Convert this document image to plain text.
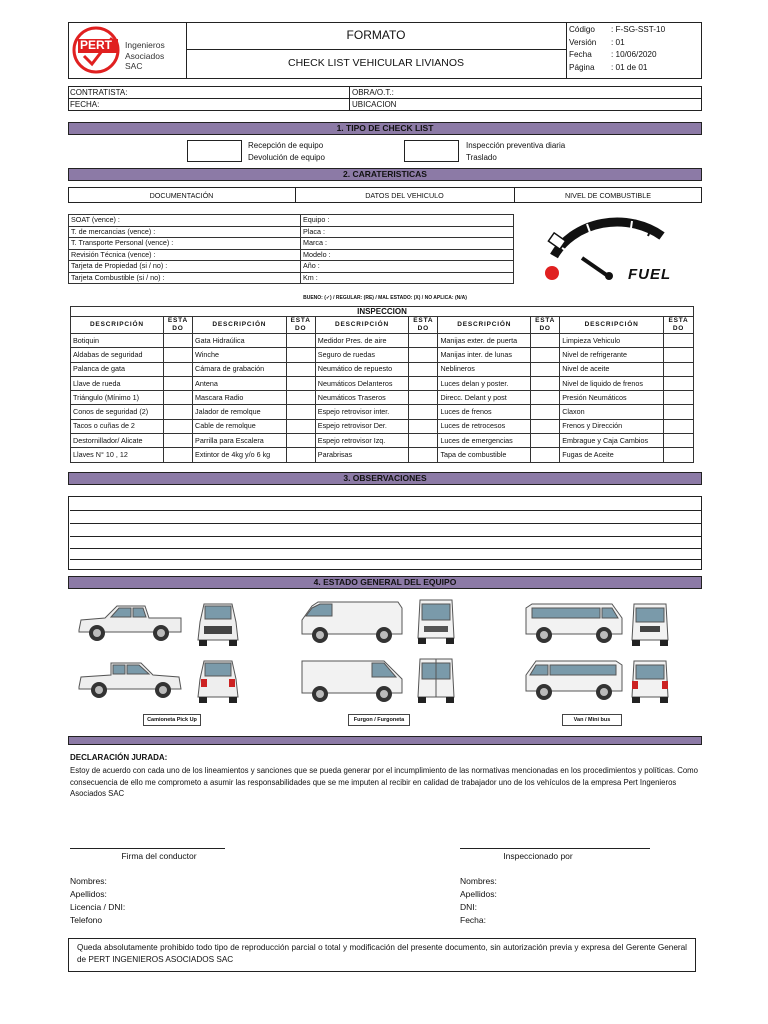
PERT Ingenieros
Asociados SAC
FORMATO
CHECK LIST VEHICULAR LIVIANOS
Código	: F-SG-SST-10
Versión	: 01
Fecha	: 10/06/2020
Página	: 01 de 01
CONTRATISTA:
FECHA:
OBRA/O.T.:
UBICACION
1. TIPO DE CHECK LIST
Recepción de equipo
Devolución de equipo
Inspección preventiva diaria
Traslado
2. CARATERISTICAS
DOCUMENTACIÓN	DATOS DEL VEHICULO	NIVEL DE COMBUSTIBLE
SOAT (vence) :	Equipo :
T. de mercancias (vence) :	Placa :
T. Transporte Personal (vence) :	Marca :
Revisión Técnica (vence) :	Modelo :
Tarjeta de Propiedad (si / no) :	Año :
Tarjeta Combustible (si / no) :	Km :	FUEL
BUENO: (✓) / REGULAR: (RE) / MAL ESTADO: (X) / NO APLICA: (N/A)
INSPECCION									
DESCRIPCIÓN	ESTA DO	DESCRIPCIÓN	ESTA DO	DESCRIPCIÓN	ESTA DO	DESCRIPCIÓN	ESTA DO	DESCRIPCIÓN	ESTA DO
Botiquin		Gata Hidraúlica		Medidor Pres. de aire		Manijas exter. de puerta		Limpieza Vehiculo	
Aldabas de seguridad		Winche		Seguro de ruedas		Manijas inter. de lunas		Nivel de refrigerante	
Palanca de gata		Cámara de grabación		Neumático de repuesto		Neblineros		Nivel de aceite	
Llave de rueda		Antena		Neumáticos Delanteros		Luces delan y poster.		Nivel de liquido de frenos	
Triángulo (Mínimo 1)		Mascara Radio		Neumáticos Traseros		Direcc. Delant y post		Presión Neumáticos	
Conos de seguridad (2)		Jalador de remolque		Espejo retrovisor inter.		Luces de frenos		Claxon	
Tacos o cuñas de 2		Cable de remolque		Espejo retrovisor Der.		Luces de retrocesos		Frenos y Dirección	
Destornillador/ Alicate		Parrilla para Escalera		Espejo retrovisor Izq.		Luces de emergencias		Embrague y Caja Cambios	
Llaves N° 10 , 12		Extintor de 4kg y/o 6 kg		Parabrisas		Tapa de combustible		Fugas de Aceite	
3. OBSERVACIONES
4. ESTADO GENERAL DEL EQUIPO
Camioneta Pick Up	Furgon / Furgoneta	Van / Mini bus
DECLARACIÓN JURADA:
Estoy de acuerdo con cada uno de los lineamientos y sanciones que se pueda generar por el incumplimiento de las normativas mencionadas en los procedimientos y políticas. Como consecuencia de ello me comprometo a asumir las responsabilidades que se me imputen al recibir en calidad de trabajador uno de los vehículos de la empresa Pert Ingenieros Asociados SAC
Firma del conductor	Inspeccionado por
Nombres:
Apellidos:
Licencia / DNI:
Telefono
Nombres:
Apellidos:
DNI:
Fecha:
Queda absolutamente prohibido todo tipo de reproducción parcial o total y modificación del presente documento, sin autorización previa y expresa del Gerente General de PERT INGENIEROS ASOCIADOS SAC
